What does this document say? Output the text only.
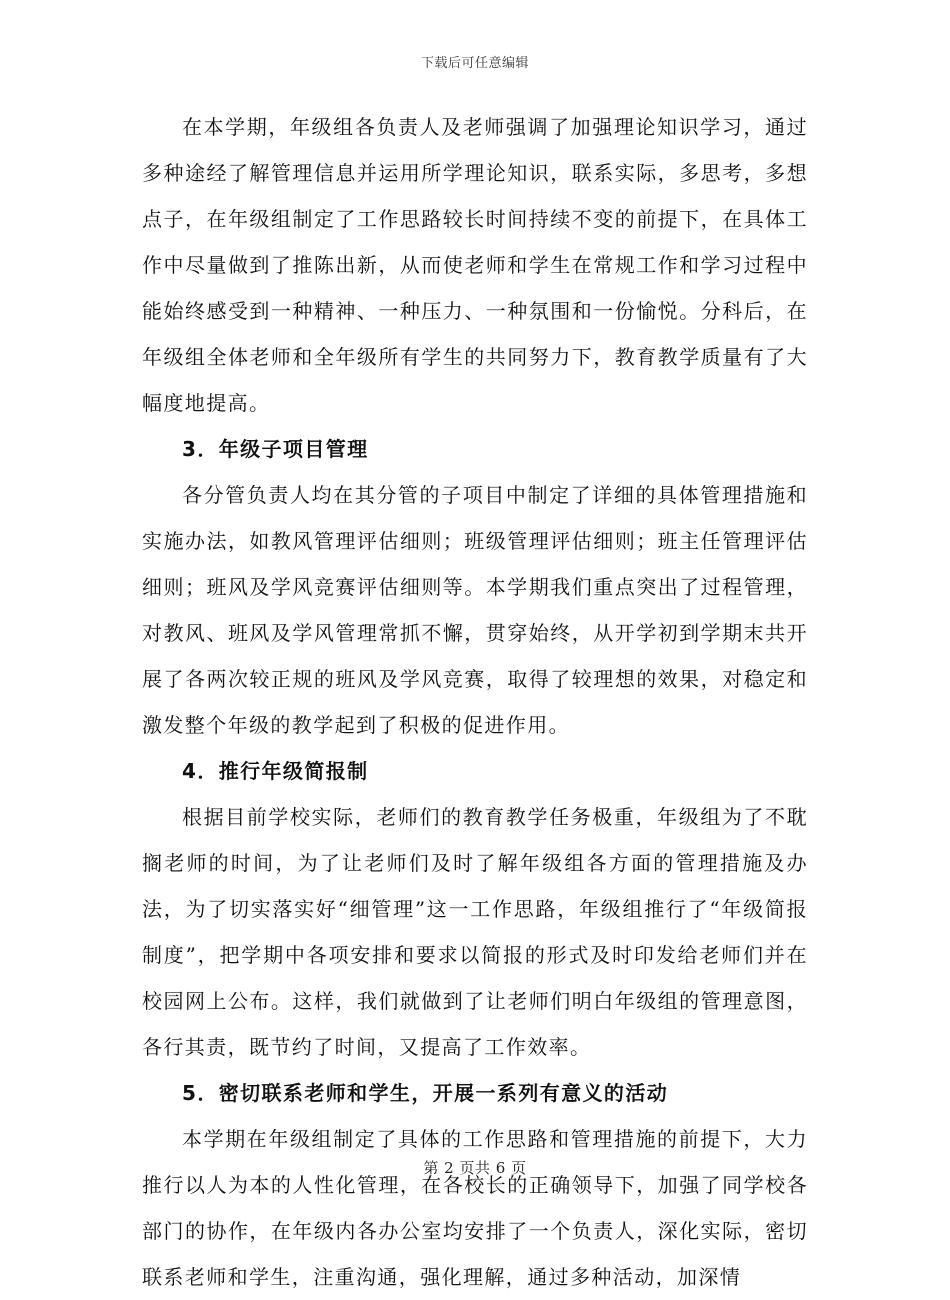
下载后可任意编辑

在本学期，年级组各负责人及老师强调了加强理论知识学习，通过多种途经了解管理信息并运用所学理论知识，联系实际，多思考，多想点子，在年级组制定了工作思路较长时间持续不变的前提下，在具体工作中尽量做到了推陈出新，从而使老师和学生在常规工作和学习过程中能始终感受到一种精神、一种压力、一种氛围和一份愉悦。分科后，在年级组全体老师和全年级所有学生的共同努力下，教育教学质量有了大幅度地提高。

3．年级子项目管理

各分管负责人均在其分管的子项目中制定了详细的具体管理措施和实施办法，如教风管理评估细则；班级管理评估细则；班主任管理评估细则；班风及学风竞赛评估细则等。本学期我们重点突出了过程管理，对教风、班风及学风管理常抓不懈，贯穿始终，从开学初到学期末共开展了各两次较正规的班风及学风竞赛，取得了较理想的效果，对稳定和激发整个年级的教学起到了积极的促进作用。

4．推行年级简报制

根据目前学校实际，老师们的教育教学任务极重，年级组为了不耽搁老师的时间，为了让老师们及时了解年级组各方面的管理措施及办法，为了切实落实好“细管理”这一工作思路，年级组推行了“年级简报制度”，把学期中各项安排和要求以简报的形式及时印发给老师们并在校园网上公布。这样，我们就做到了让老师们明白年级组的管理意图，各行其责，既节约了时间，又提高了工作效率。

5．密切联系老师和学生，开展一系列有意义的活动

本学期在年级组制定了具体的工作思路和管理措施的前提下，大力推行以人为本的人性化管理，在各校长的正确领导下，加强了同学校各部门的协作，在年级内各办公室均安排了一个负责人，深化实际，密切联系老师和学生，注重沟通，强化理解，通过多种活动，加深情

第 2 页共 6 页
